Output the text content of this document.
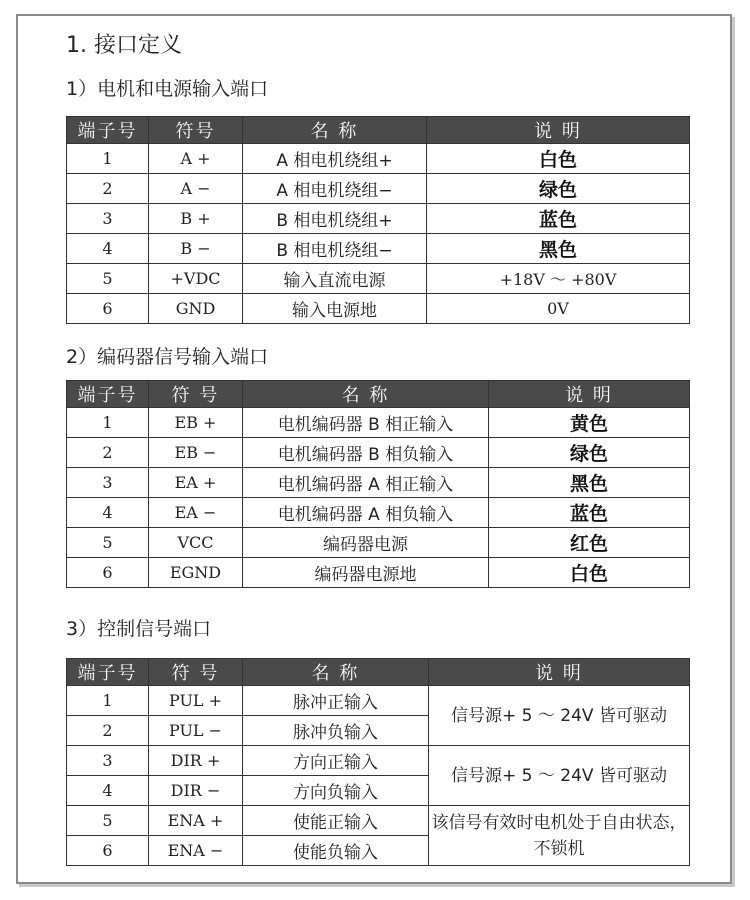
1. 接口定义
1）电机和电源输入端口
端子号	符号	名 称	说 明
1	A +	A 相电机绕组+	白色
2	A −	A 相电机绕组−	绿色
3	B +	B 相电机绕组+	蓝色
4	B −	B 相电机绕组−	黑色
5	+VDC	输入直流电源	+18V ～ +80V
6	GND	输入电源地	0V
2）编码器信号输入端口
端子号	符 号	名 称	说 明
1	EB +	电机编码器 B 相正输入	黄色
2	EB −	电机编码器 B 相负输入	绿色
3	EA +	电机编码器 A 相正输入	黑色
4	EA −	电机编码器 A 相负输入	蓝色
5	VCC	编码器电源	红色
6	EGND	编码器电源地	白色
3）控制信号端口
端子号	符 号	名 称	说 明
1	PUL +	脉冲正输入	信号源+ 5 ～ 24V 皆可驱动
2	PUL −	脉冲负输入	
3	DIR +	方向正输入	信号源+ 5 ～ 24V 皆可驱动
4	DIR −	方向负输入	
5	ENA +	使能正输入	该信号有效时电机处于自由状态，不锁机
6	ENA −	使能负输入	
